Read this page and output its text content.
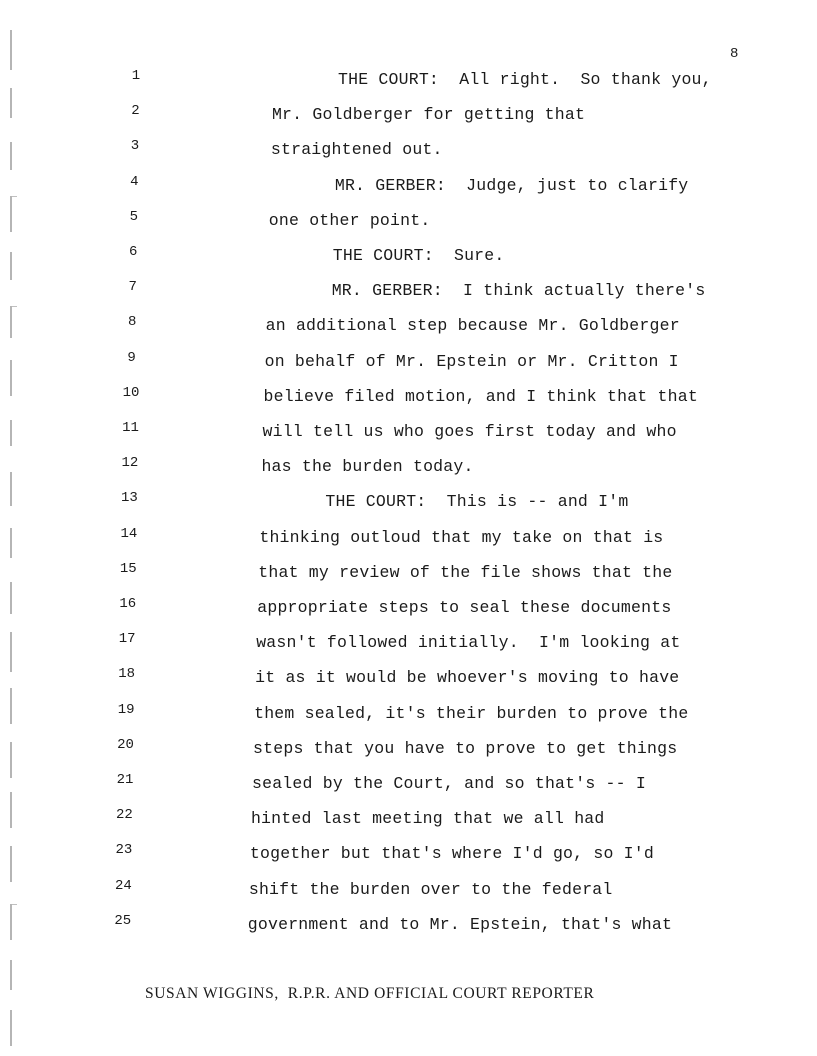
8
1	THE COURT:  All right.  So thank you,
2	Mr. Goldberger for getting that
3	straightened out.
4	MR. GERBER:  Judge, just to clarify
5	one other point.
6	THE COURT:  Sure.
7	MR. GERBER:  I think actually there's
8	an additional step because Mr. Goldberger
9	on behalf of Mr. Epstein or Mr. Critton I
10	believe filed motion, and I think that that
11	will tell us who goes first today and who
12	has the burden today.
13	THE COURT:  This is -- and I'm
14	thinking outloud that my take on that is
15	that my review of the file shows that the
16	appropriate steps to seal these documents
17	wasn't followed initially.  I'm looking at
18	it as it would be whoever's moving to have
19	them sealed, it's their burden to prove the
20	steps that you have to prove to get things
21	sealed by the Court, and so that's -- I
22	hinted last meeting that we all had
23	together but that's where I'd go, so I'd
24	shift the burden over to the federal
25	government and to Mr. Epstein, that's what
SUSAN WIGGINS,  R.P.R. AND OFFICIAL COURT REPORTER
